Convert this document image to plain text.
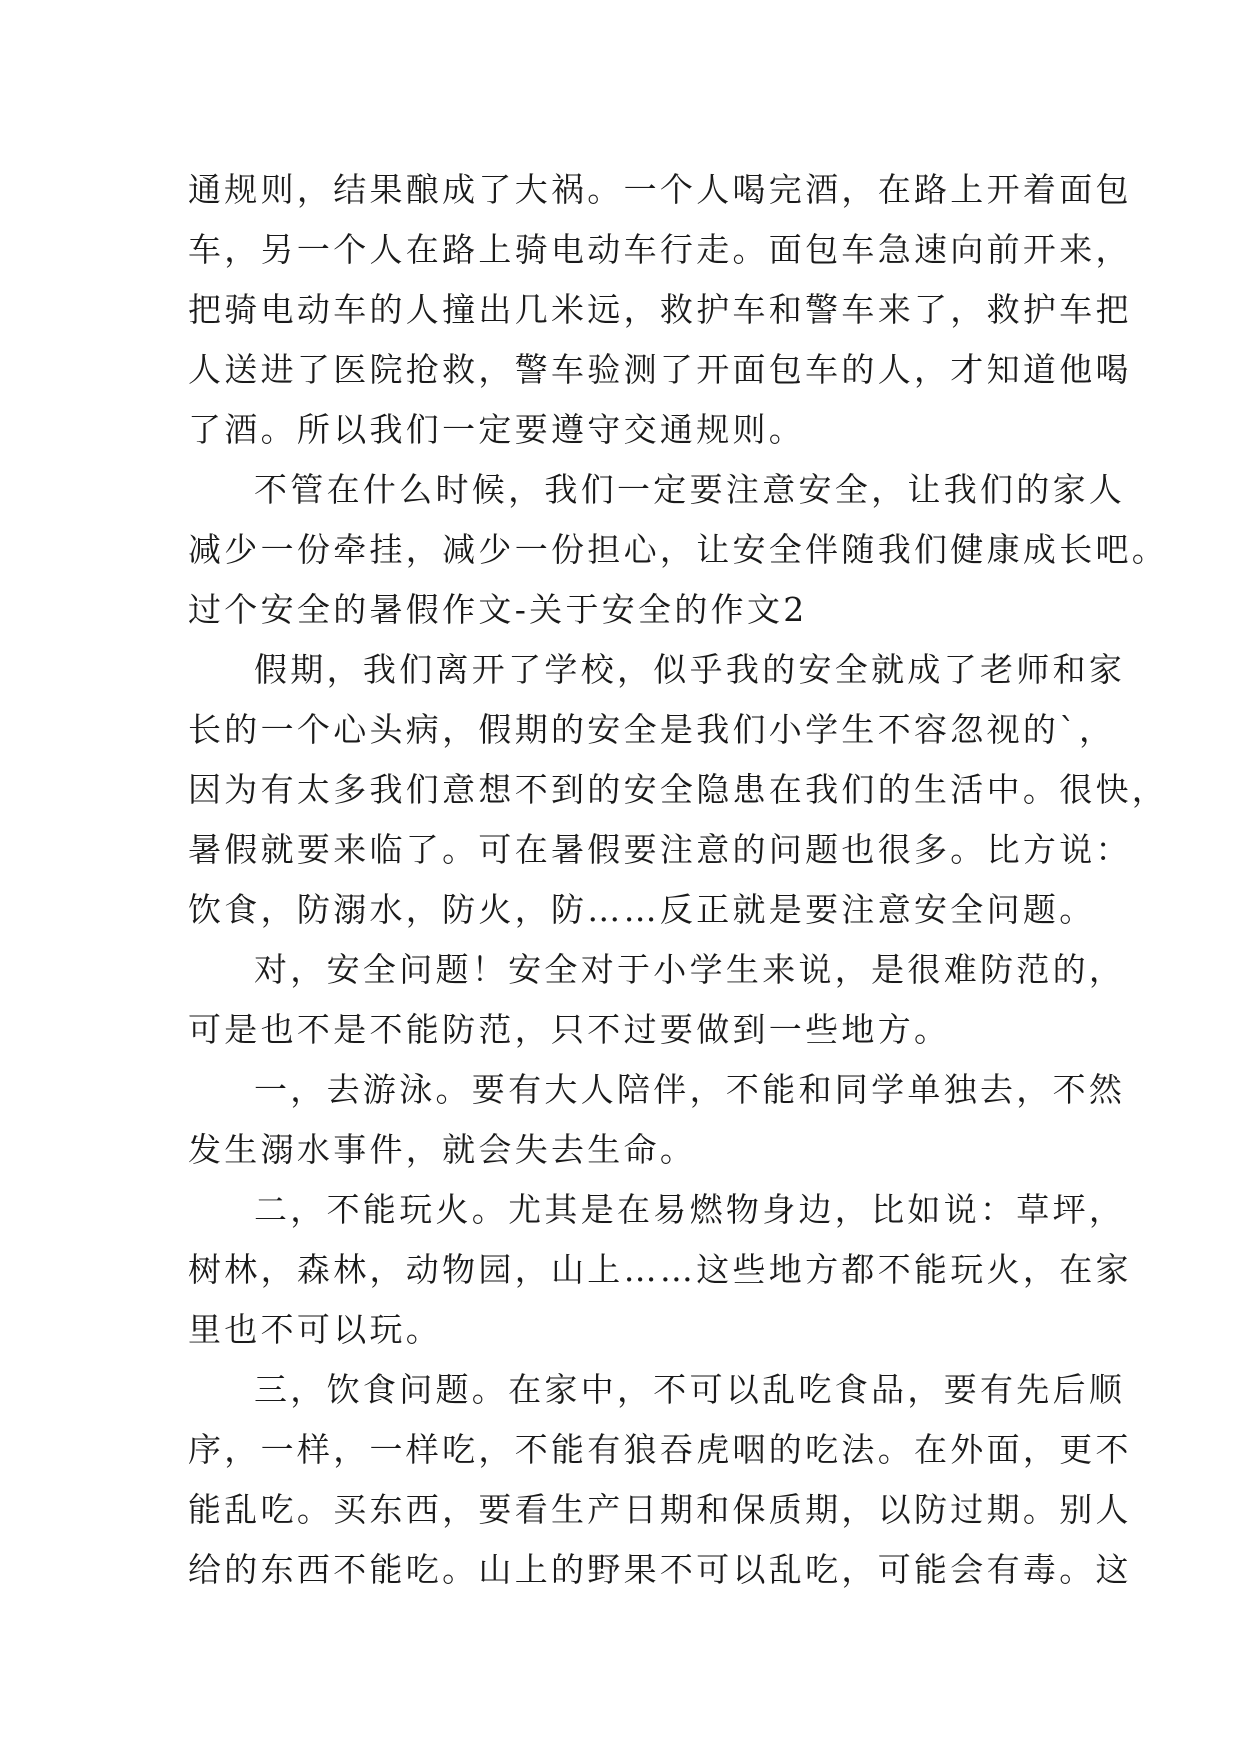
通规则，结果酿成了大祸。一个人喝完酒，在路上开着面包
车，另一个人在路上骑电动车行走。面包车急速向前开来，
把骑电动车的人撞出几米远，救护车和警车来了，救护车把
人送进了医院抢救，警车验测了开面包车的人，才知道他喝
了酒。所以我们一定要遵守交通规则。
不管在什么时候，我们一定要注意安全，让我们的家人
减少一份牵挂，减少一份担心，让安全伴随我们健康成长吧。
过个安全的暑假作文-关于安全的作文2
假期，我们离开了学校，似乎我的安全就成了老师和家
长的一个心头病，假期的安全是我们小学生不容忽视的`，
因为有太多我们意想不到的安全隐患在我们的生活中。很快，
暑假就要来临了。可在暑假要注意的问题也很多。比方说：
饮食，防溺水，防火，防……反正就是要注意安全问题。
对，安全问题！安全对于小学生来说，是很难防范的，
可是也不是不能防范，只不过要做到一些地方。
一，去游泳。要有大人陪伴，不能和同学单独去，不然
发生溺水事件，就会失去生命。
二，不能玩火。尤其是在易燃物身边，比如说：草坪，
树林，森林，动物园，山上……这些地方都不能玩火，在家
里也不可以玩。
三，饮食问题。在家中，不可以乱吃食品，要有先后顺
序，一样，一样吃，不能有狼吞虎咽的吃法。在外面，更不
能乱吃。买东西，要看生产日期和保质期，以防过期。别人
给的东西不能吃。山上的野果不可以乱吃，可能会有毒。这
